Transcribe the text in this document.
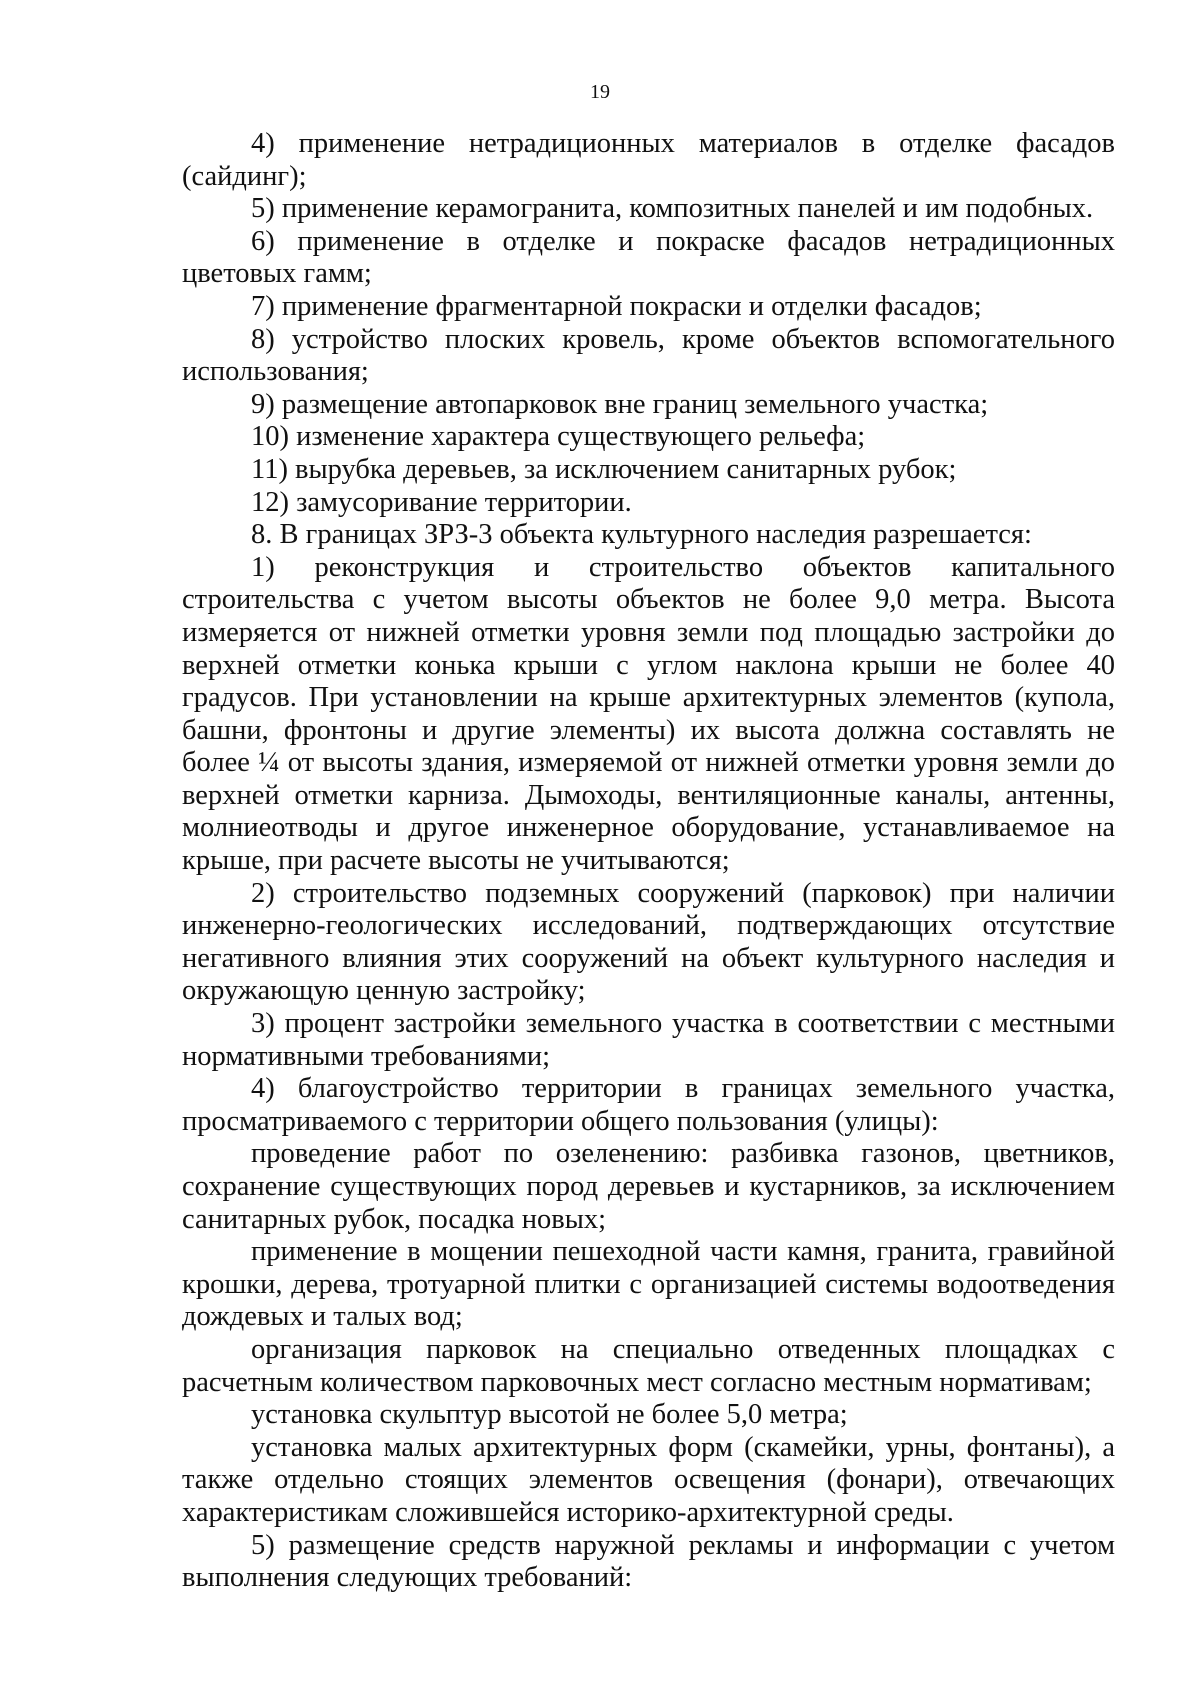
19

4) применение нетрадиционных материалов в отделке фасадов (сайдинг);

5) применение керамогранита, композитных панелей и им подобных.

6) применение в отделке и покраске фасадов нетрадиционных цветовых гамм;

7) применение фрагментарной покраски и отделки фасадов;

8) устройство плоских кровель, кроме объектов вспомогательного использования;

9) размещение автопарковок вне границ земельного участка;

10) изменение характера существующего рельефа;

11) вырубка деревьев, за исключением санитарных рубок;

12) замусоривание территории.

8. В границах ЗРЗ-3 объекта культурного наследия разрешается:

1) реконструкция и строительство объектов капитального строительства с учетом высоты объектов не более 9,0 метра. Высота измеряется от нижней отметки уровня земли под площадью застройки до верхней отметки конька крыши с углом наклона крыши не более 40 градусов. При установлении на крыше архитектурных элементов (купола, башни, фронтоны и другие элементы) их высота должна составлять не более ¼ от высоты здания, измеряемой от нижней отметки уровня земли до верхней отметки карниза. Дымоходы, вентиляционные каналы, антенны, молниеотводы и другое инженерное оборудование, устанавливаемое на крыше, при расчете высоты не учитываются;

2) строительство подземных сооружений (парковок) при наличии инженерно-геологических исследований, подтверждающих отсутствие негативного влияния этих сооружений на объект культурного наследия и окружающую ценную застройку;

3) процент застройки земельного участка в соответствии с местными нормативными требованиями;

4) благоустройство территории в границах земельного участка, просматриваемого с территории общего пользования (улицы):

проведение работ по озеленению: разбивка газонов, цветников, сохранение существующих пород деревьев и кустарников, за исключением санитарных рубок, посадка новых;

применение в мощении пешеходной части камня, гранита, гравийной крошки, дерева, тротуарной плитки с организацией системы водоотведения дождевых и талых вод;

организация парковок на специально отведенных площадках с расчетным количеством парковочных мест согласно местным нормативам;

установка скульптур высотой не более 5,0 метра;

установка малых архитектурных форм (скамейки, урны, фонтаны), а также отдельно стоящих элементов освещения (фонари), отвечающих характеристикам сложившейся историко-архитектурной среды.

5) размещение средств наружной рекламы и информации с учетом выполнения следующих требований:
